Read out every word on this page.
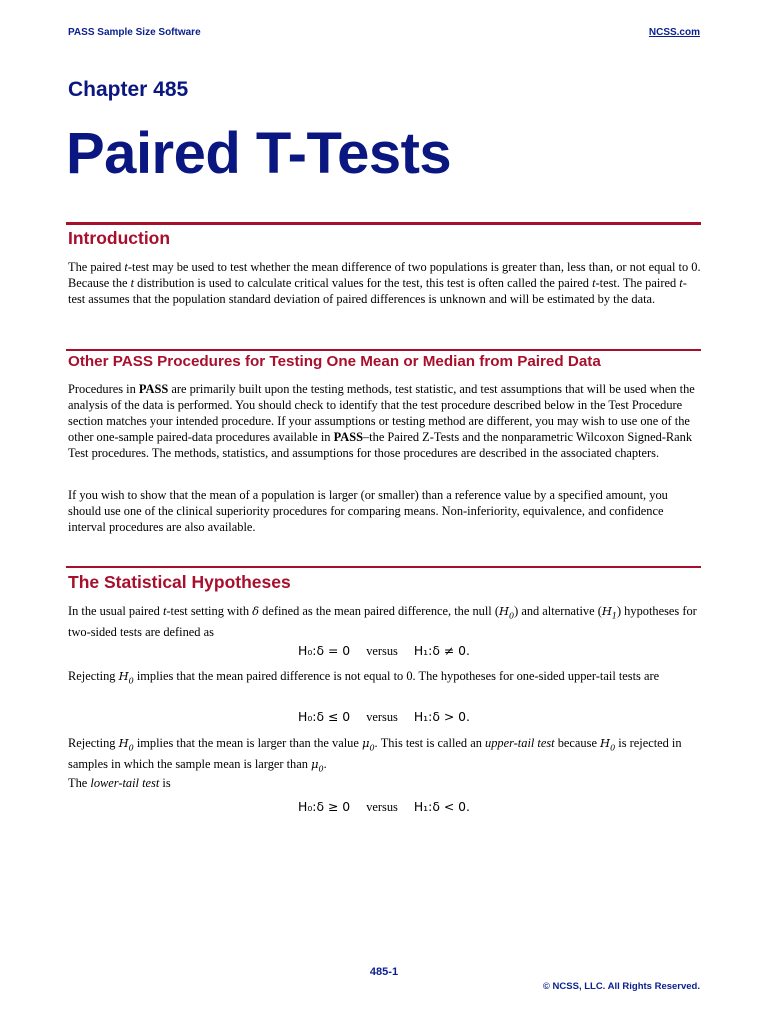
PASS Sample Size Software	NCSS.com
Chapter 485
Paired T-Tests
Introduction
The paired t-test may be used to test whether the mean difference of two populations is greater than, less than, or not equal to 0. Because the t distribution is used to calculate critical values for the test, this test is often called the paired t-test. The paired t-test assumes that the population standard deviation of paired differences is unknown and will be estimated by the data.
Other PASS Procedures for Testing One Mean or Median from Paired Data
Procedures in PASS are primarily built upon the testing methods, test statistic, and test assumptions that will be used when the analysis of the data is performed. You should check to identify that the test procedure described below in the Test Procedure section matches your intended procedure. If your assumptions or testing method are different, you may wish to use one of the other one-sample paired-data procedures available in PASS–the Paired Z-Tests and the nonparametric Wilcoxon Signed-Rank Test procedures. The methods, statistics, and assumptions for those procedures are described in the associated chapters.
If you wish to show that the mean of a population is larger (or smaller) than a reference value by a specified amount, you should use one of the clinical superiority procedures for comparing means. Non-inferiority, equivalence, and confidence interval procedures are also available.
The Statistical Hypotheses
In the usual paired t-test setting with δ defined as the mean paired difference, the null $(H_0)$ and alternative $(H_1)$ hypotheses for two-sided tests are defined as
H₀:δ = 0 versus H₁:δ ≠ 0.
Rejecting $H_0$ implies that the mean paired difference is not equal to 0. The hypotheses for one-sided upper-tail tests are
H₀:δ ≤ 0 versus H₁:δ > 0.
Rejecting $H_0$ implies that the mean is larger than the value $\mu_0$. This test is called an upper-tail test because $H_0$ is rejected in samples in which the sample mean is larger than $\mu_0$.
The lower-tail test is
H₀:δ ≥ 0 versus H₁:δ < 0.
485-1
© NCSS, LLC. All Rights Reserved.
